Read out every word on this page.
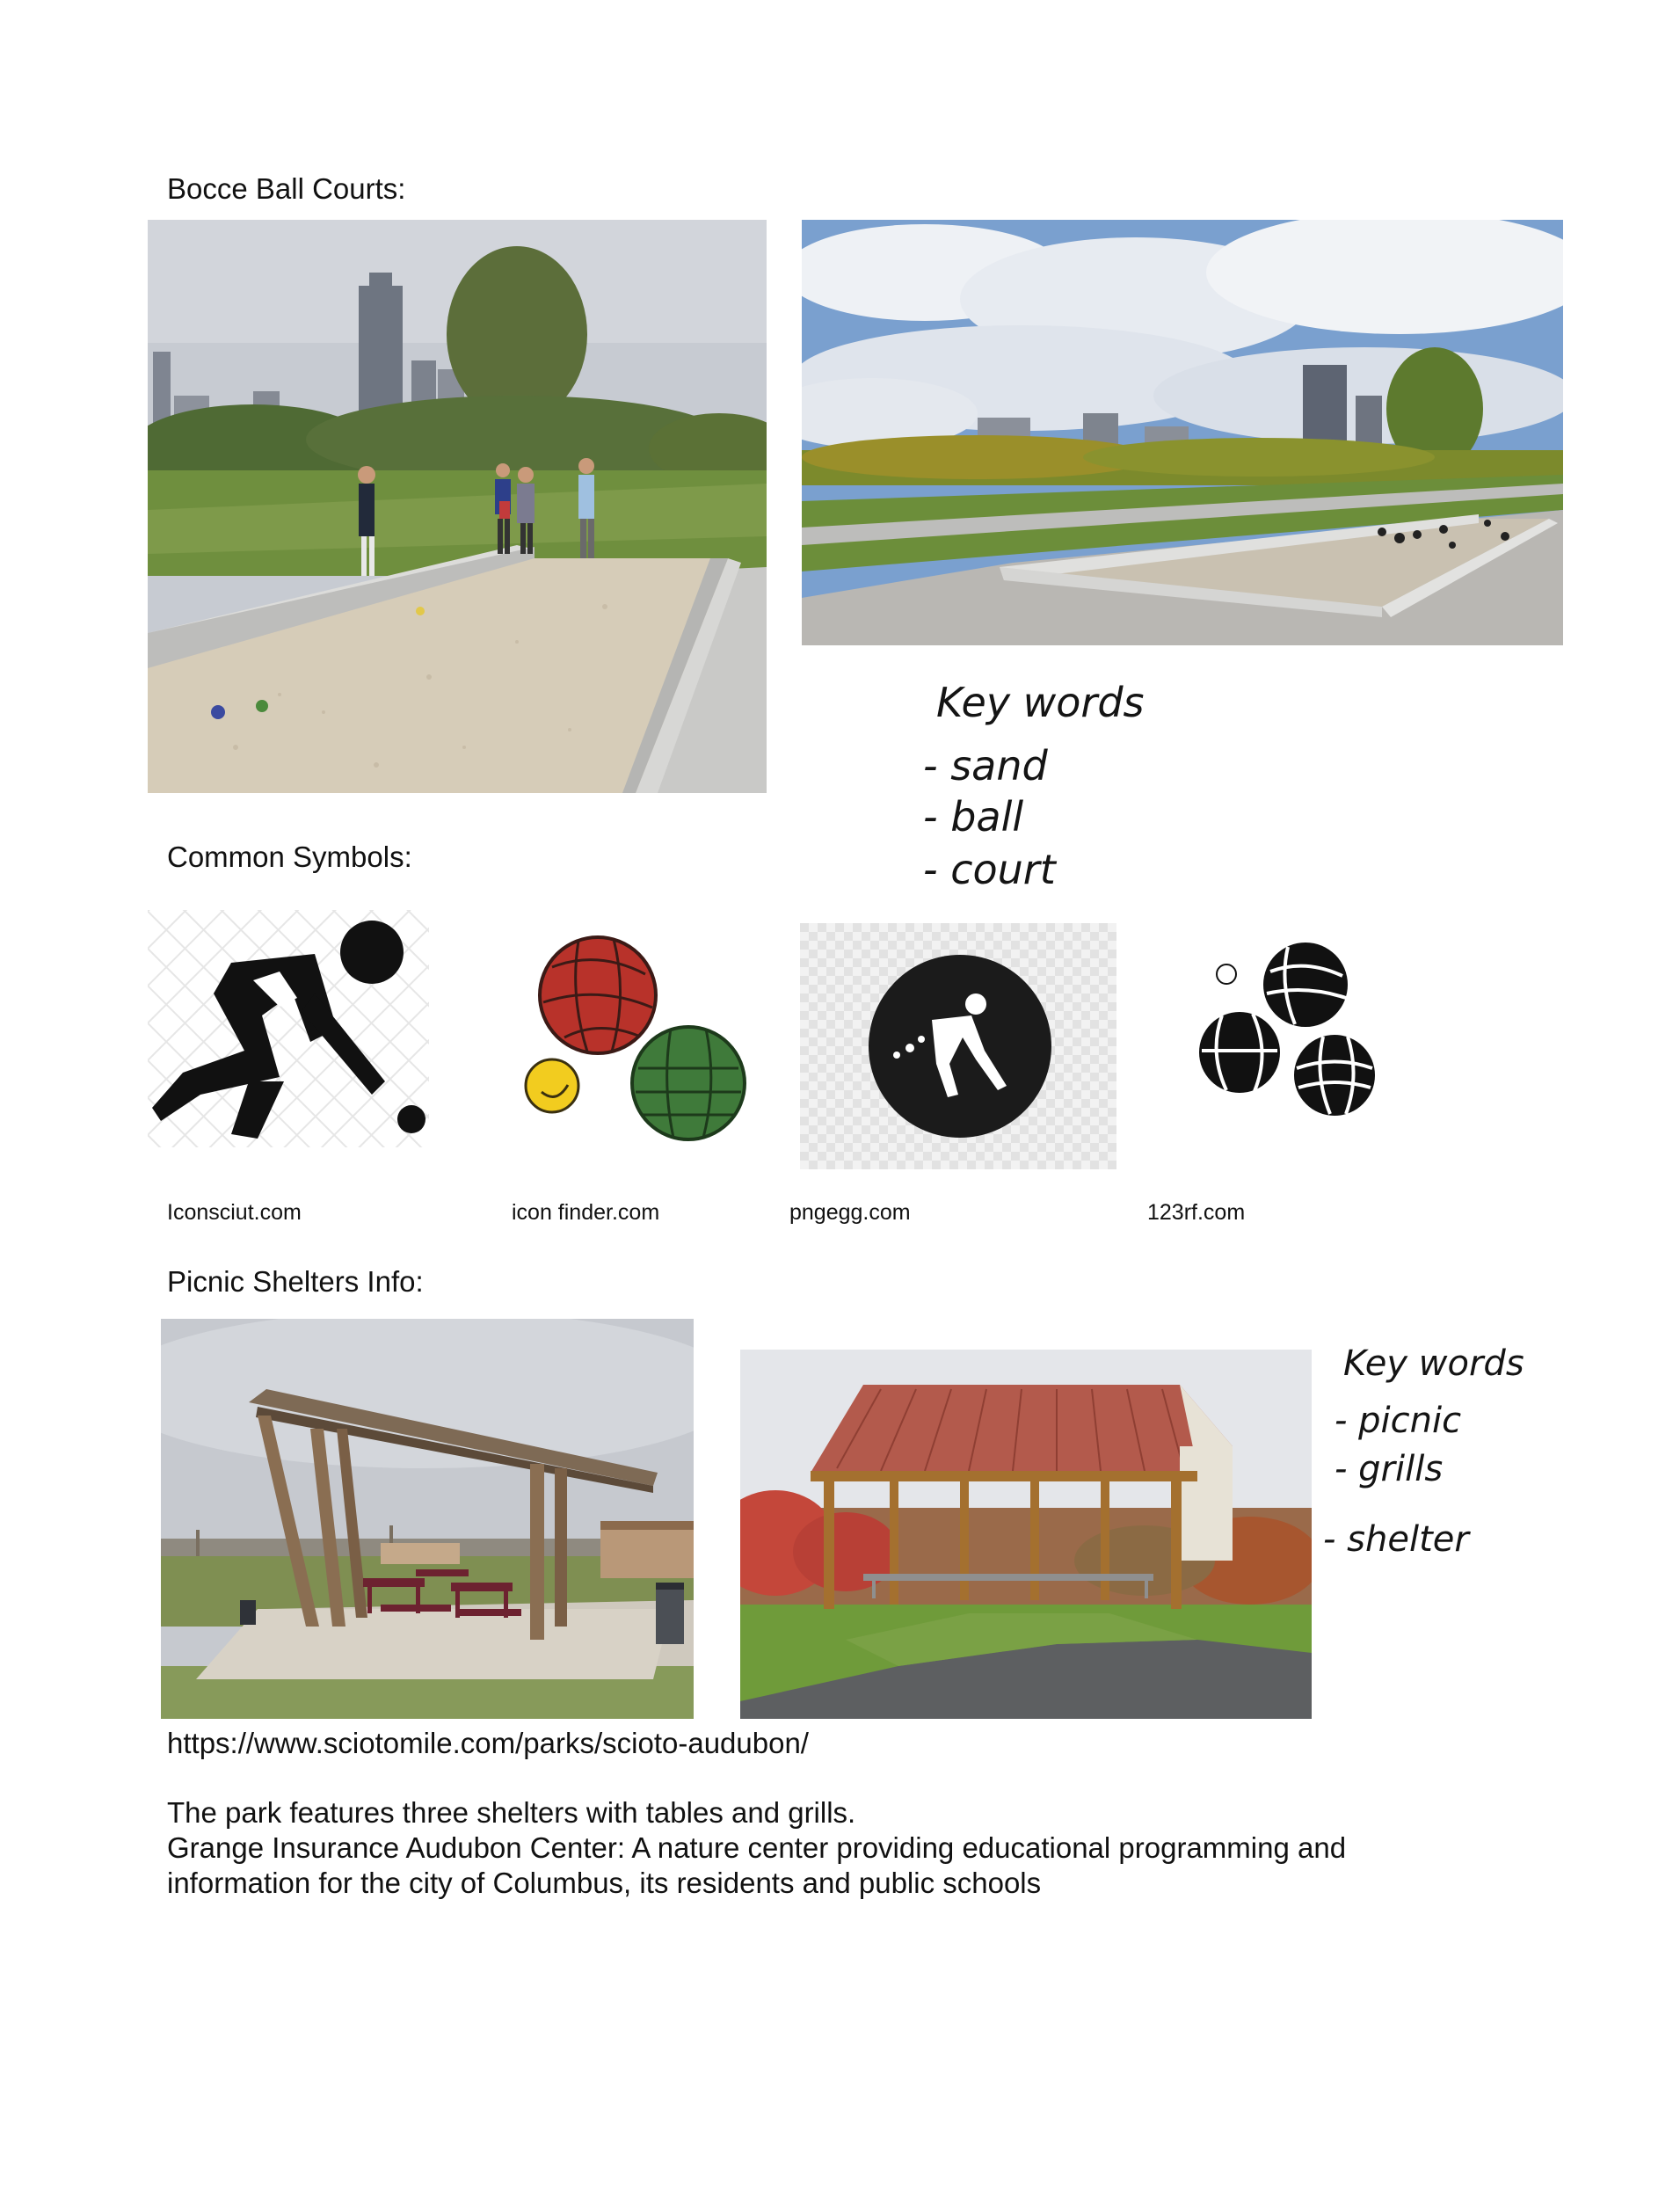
Bocce Ball Courts:
Key words
- sand
- ball
- court
Common Symbols:
Iconsciut.com	icon finder.com	pngegg.com	123rf.com
Picnic Shelters Info:
Key words
- picnic
- grills
- shelter
https://www.sciotomile.com/parks/scioto-audubon/
The park features three shelters with tables and grills.
Grange Insurance Audubon Center: A nature center providing educational programming and information for the city of Columbus, its residents and public schools
